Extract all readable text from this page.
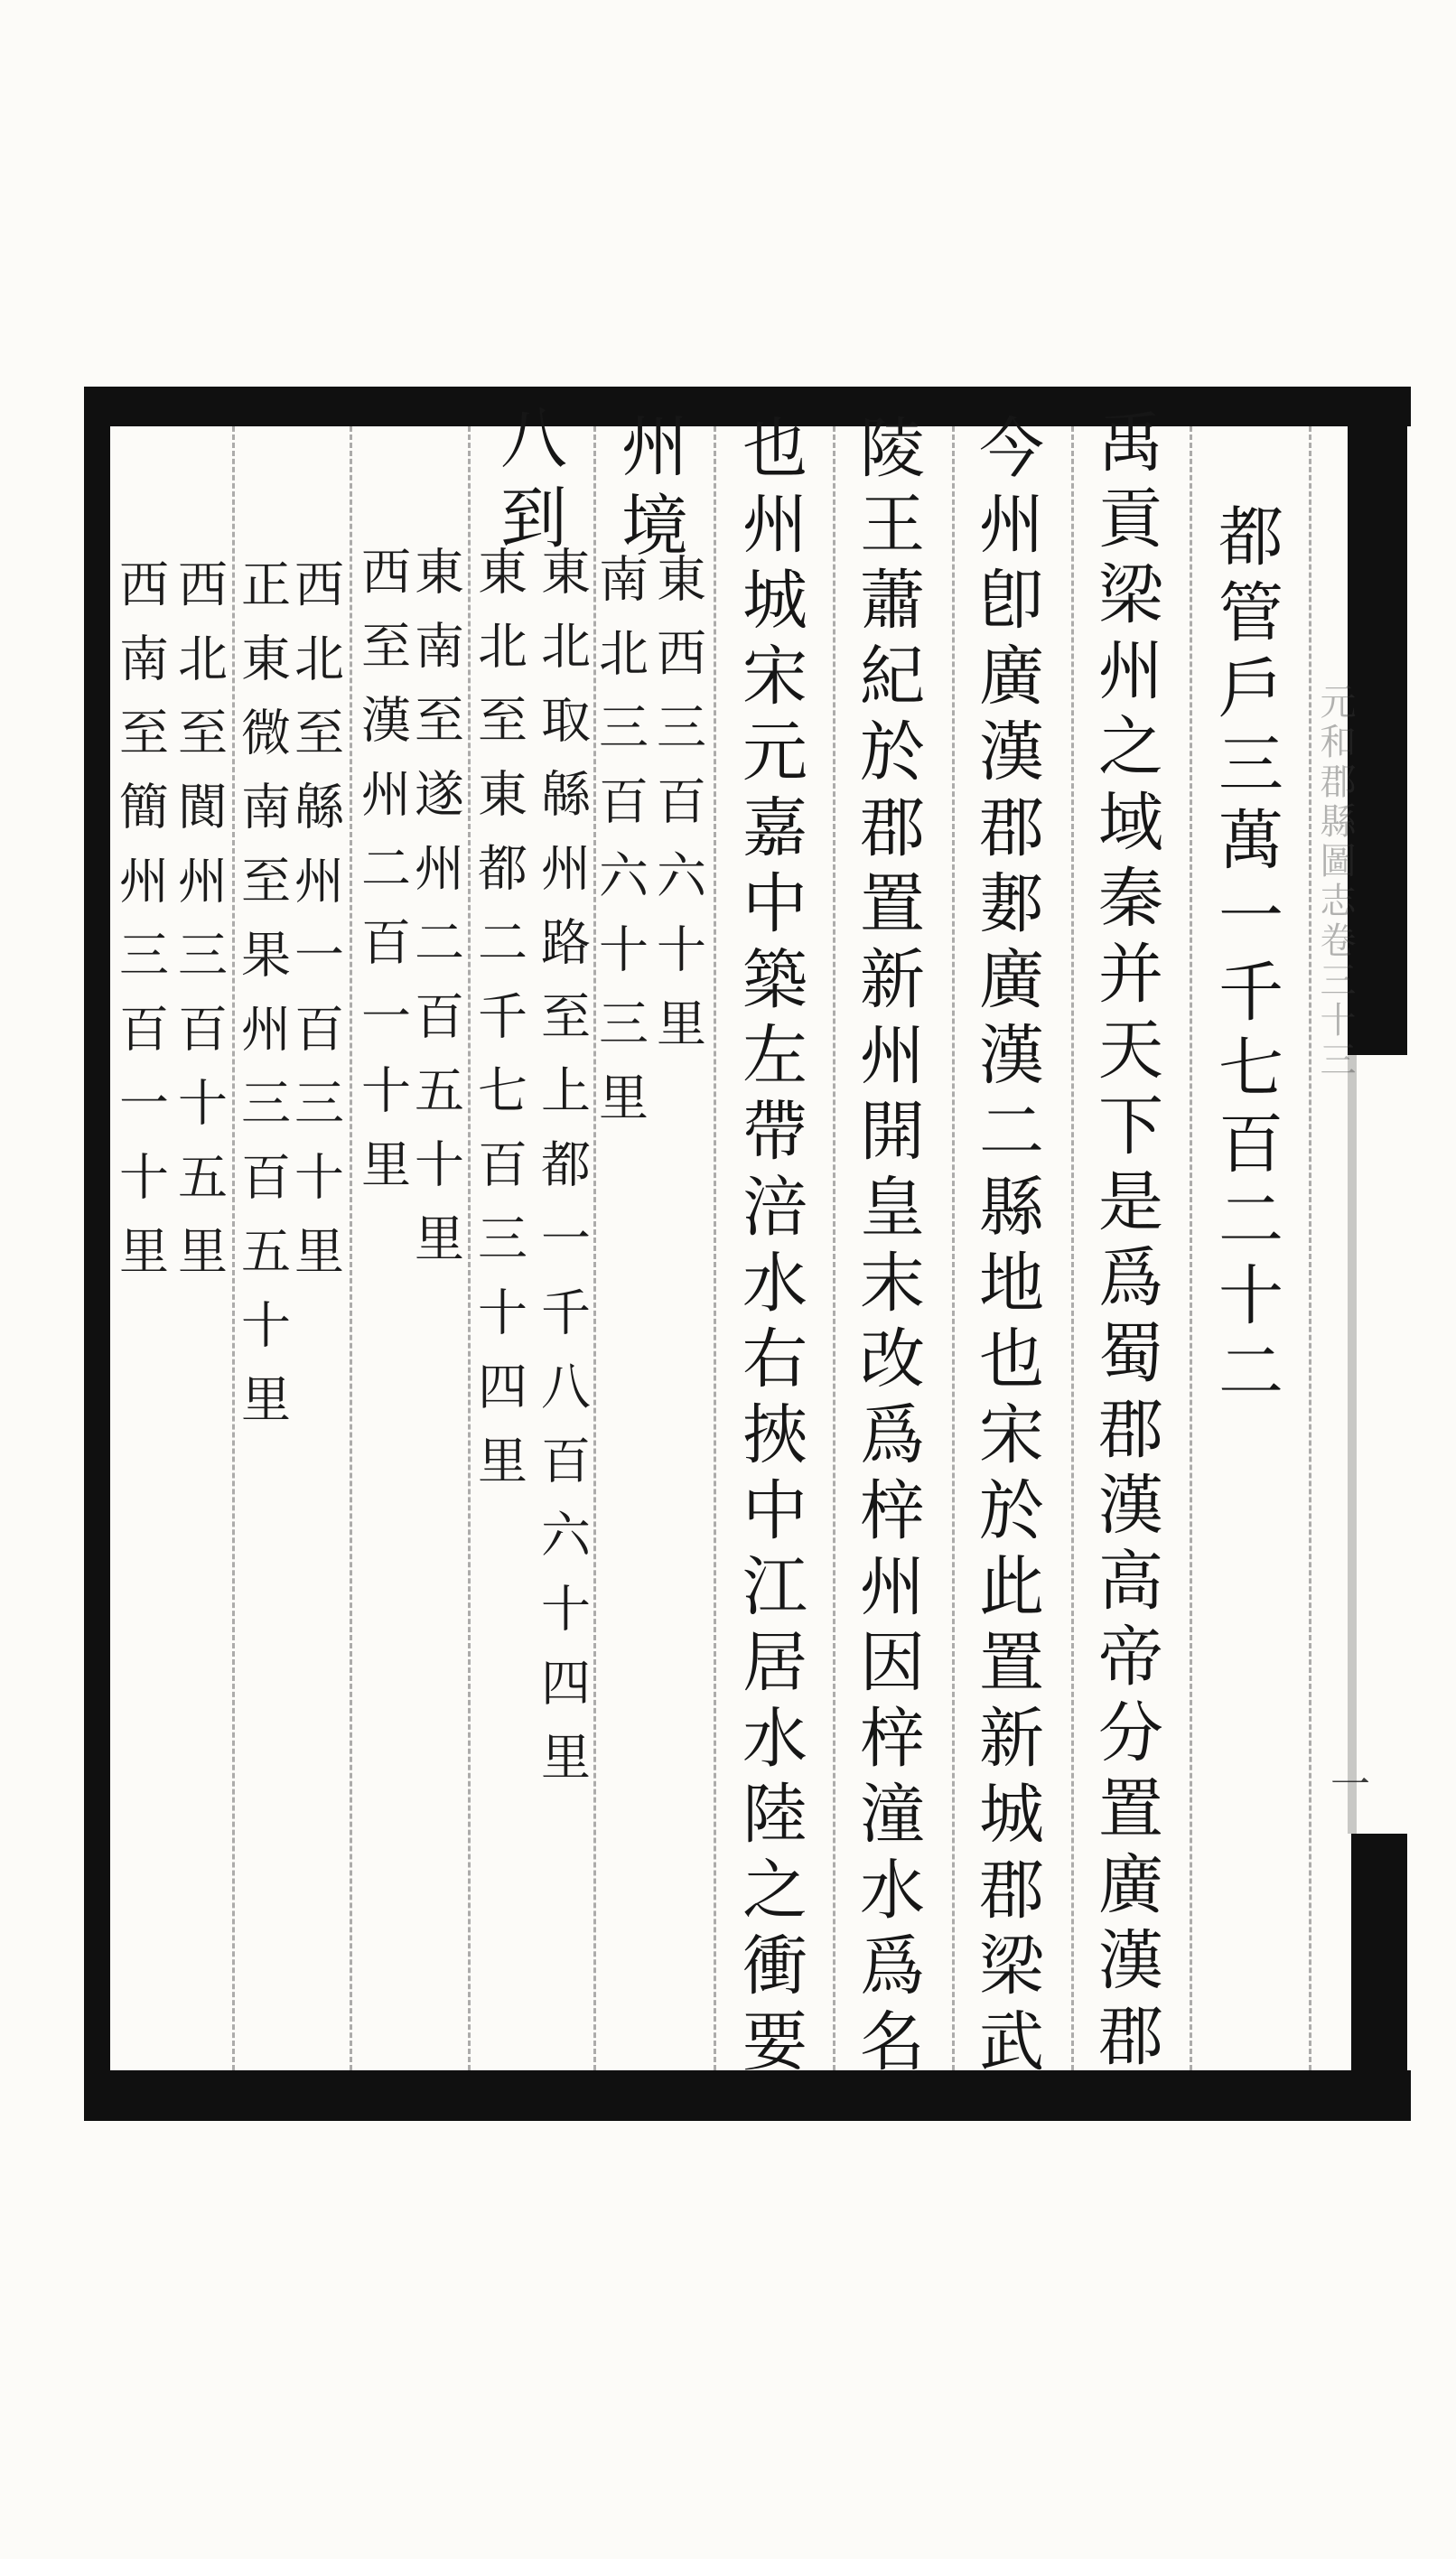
元和郡縣圖志卷三十三
一
都管戶三萬一千七百二十二
禹貢梁州之域秦并天下是爲蜀郡漢高帝分置廣漢郡
今州卽廣漢郡郪廣漢二縣地也宋於此置新城郡梁武
陵王蕭紀於郡置新州開皇末改爲梓州因梓潼水爲名
也州城宋元嘉中築左帶涪水右挾中江居水陸之衝要
州境
東西三百六十里
南北三百六十三里
八到
東北取緜州路至上都一千八百六十四里
東北至東都二千七百三十四里
東南至遂州二百五十里
西至漢州二百一十里
西北至緜州一百三十里
正東微南至果州三百五十里
西北至閬州三百十五里
西南至簡州三百一十里
